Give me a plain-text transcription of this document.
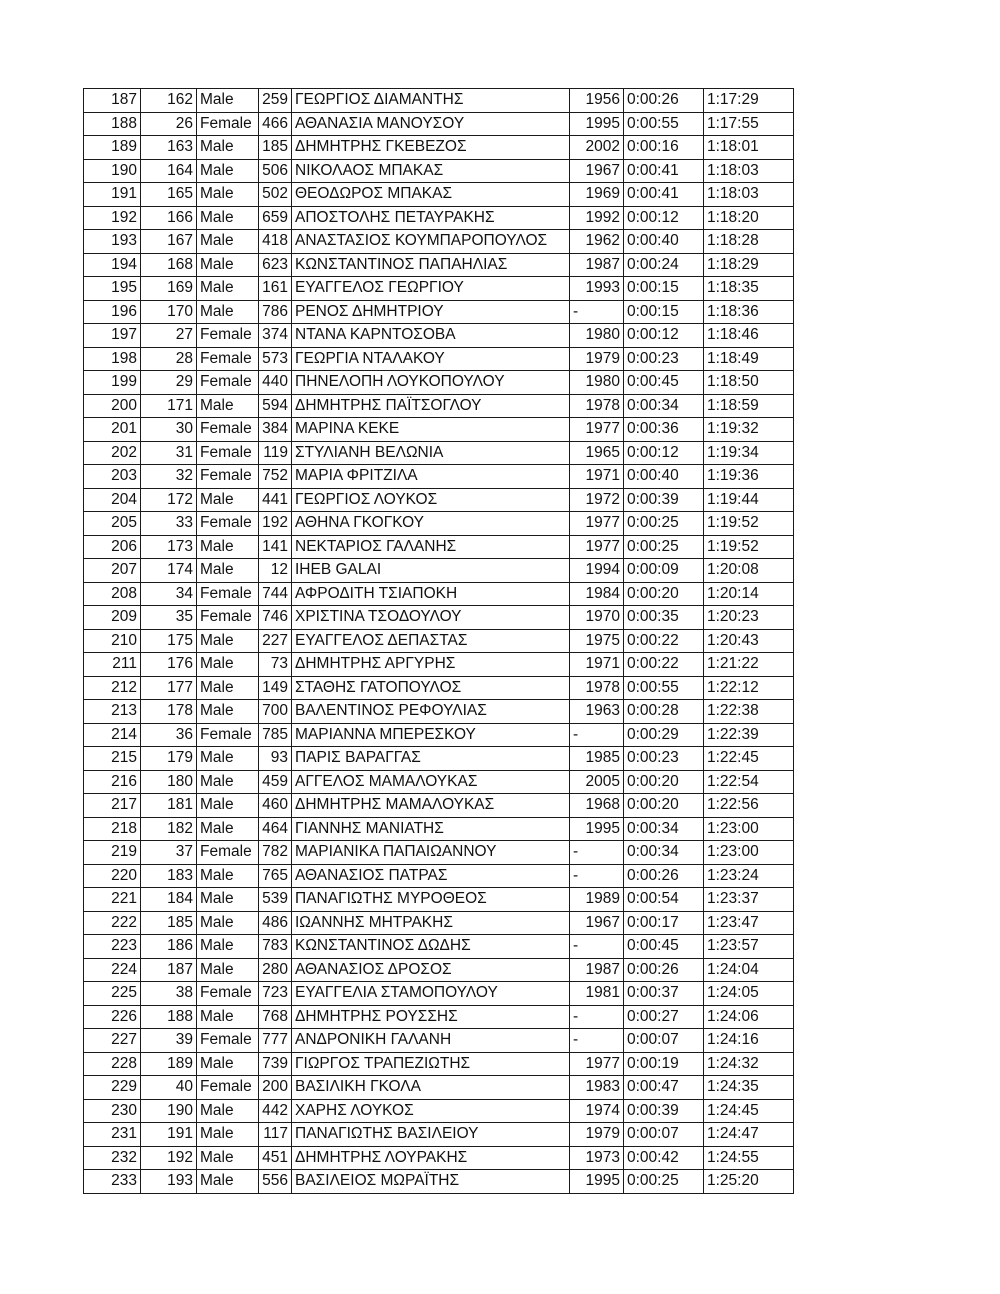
187	162	Male	259	ΓΕΩΡΓΙΟΣ ΔΙΑΜΑΝΤΗΣ	1956	0:00:26	1:17:29
188	26	Female	466	ΑΘΑΝΑΣΙΑ ΜΑΝΟΥΣΟΥ	1995	0:00:55	1:17:55
189	163	Male	185	ΔΗΜΗΤΡΗΣ ΓΚΕΒΕΖΟΣ	2002	0:00:16	1:18:01
190	164	Male	506	ΝΙΚΟΛΑΟΣ ΜΠΑΚΑΣ	1967	0:00:41	1:18:03
191	165	Male	502	ΘΕΟΔΩΡΟΣ ΜΠΑΚΑΣ	1969	0:00:41	1:18:03
192	166	Male	659	ΑΠΟΣΤΟΛΗΣ ΠΕΤΑΥΡΑΚΗΣ	1992	0:00:12	1:18:20
193	167	Male	418	ΑΝΑΣΤΑΣΙΟΣ ΚΟΥΜΠΑΡΟΠΟΥΛΟΣ	1962	0:00:40	1:18:28
194	168	Male	623	ΚΩΝΣΤΑΝΤΙΝΟΣ ΠΑΠΑΗΛΙΑΣ	1987	0:00:24	1:18:29
195	169	Male	161	ΕΥΑΓΓΕΛΟΣ ΓΕΩΡΓΙΟΥ	1993	0:00:15	1:18:35
196	170	Male	786	ΡΕΝΟΣ ΔΗΜΗΤΡΙΟΥ	-	0:00:15	1:18:36
197	27	Female	374	ΝΤΑΝΑ ΚΑΡΝΤΟΣΟΒΑ	1980	0:00:12	1:18:46
198	28	Female	573	ΓΕΩΡΓΙΑ ΝΤΑΛΑΚΟΥ	1979	0:00:23	1:18:49
199	29	Female	440	ΠΗΝΕΛΟΠΗ ΛΟΥΚΟΠΟΥΛΟΥ	1980	0:00:45	1:18:50
200	171	Male	594	ΔΗΜΗΤΡΗΣ ΠΑΪΤΣΟΓΛΟΥ	1978	0:00:34	1:18:59
201	30	Female	384	ΜΑΡΙΝΑ ΚΕΚΕ	1977	0:00:36	1:19:32
202	31	Female	119	ΣΤΥΛΙΑΝΗ ΒΕΛΩΝΙΑ	1965	0:00:12	1:19:34
203	32	Female	752	ΜΑΡΙΑ ΦΡΙΤΖΙΛΑ	1971	0:00:40	1:19:36
204	172	Male	441	ΓΕΩΡΓΙΟΣ ΛΟΥΚΟΣ	1972	0:00:39	1:19:44
205	33	Female	192	ΑΘΗΝΑ ΓΚΟΓΚΟΥ	1977	0:00:25	1:19:52
206	173	Male	141	ΝΕΚΤΑΡΙΟΣ ΓΑΛΑΝΗΣ	1977	0:00:25	1:19:52
207	174	Male	12	IHEB GALAI	1994	0:00:09	1:20:08
208	34	Female	744	ΑΦΡΟΔΙΤΗ ΤΣΙΑΠΟΚΗ	1984	0:00:20	1:20:14
209	35	Female	746	ΧΡΙΣΤΙΝΑ ΤΣΟΔΟΥΛΟΥ	1970	0:00:35	1:20:23
210	175	Male	227	ΕΥΑΓΓΕΛΟΣ ΔΕΠΑΣΤΑΣ	1975	0:00:22	1:20:43
211	176	Male	73	ΔΗΜΗΤΡΗΣ ΑΡΓΥΡΗΣ	1971	0:00:22	1:21:22
212	177	Male	149	ΣΤΑΘΗΣ ΓΑΤΟΠΟΥΛΟΣ	1978	0:00:55	1:22:12
213	178	Male	700	ΒΑΛΕΝΤΙΝΟΣ ΡΕΦΟΥΛΙΑΣ	1963	0:00:28	1:22:38
214	36	Female	785	ΜΑΡΙΑΝΝΑ ΜΠΕΡΕΣΚΟΥ	-	0:00:29	1:22:39
215	179	Male	93	ΠΑΡΙΣ ΒΑΡΑΓΓΑΣ	1985	0:00:23	1:22:45
216	180	Male	459	ΑΓΓΕΛΟΣ ΜΑΜΑΛΟΥΚΑΣ	2005	0:00:20	1:22:54
217	181	Male	460	ΔΗΜΗΤΡΗΣ ΜΑΜΑΛΟΥΚΑΣ	1968	0:00:20	1:22:56
218	182	Male	464	ΓΙΑΝΝΗΣ ΜΑΝΙΑΤΗΣ	1995	0:00:34	1:23:00
219	37	Female	782	ΜΑΡΙΑΝΙΚΑ ΠΑΠΑΙΩΑΝΝΟΥ	-	0:00:34	1:23:00
220	183	Male	765	ΑΘΑΝΑΣΙΟΣ ΠΑΤΡΑΣ	-	0:00:26	1:23:24
221	184	Male	539	ΠΑΝΑΓΙΩΤΗΣ ΜΥΡΟΘΕΟΣ	1989	0:00:54	1:23:37
222	185	Male	486	ΙΩΑΝΝΗΣ ΜΗΤΡΑΚΗΣ	1967	0:00:17	1:23:47
223	186	Male	783	ΚΩΝΣΤΑΝΤΙΝΟΣ ΔΩΔΗΣ	-	0:00:45	1:23:57
224	187	Male	280	ΑΘΑΝΑΣΙΟΣ ΔΡΟΣΟΣ	1987	0:00:26	1:24:04
225	38	Female	723	ΕΥΑΓΓΕΛΙΑ ΣΤΑΜΟΠΟΥΛΟΥ	1981	0:00:37	1:24:05
226	188	Male	768	ΔΗΜΗΤΡΗΣ ΡΟΥΣΣΗΣ	-	0:00:27	1:24:06
227	39	Female	777	ΑΝΔΡΟΝΙΚΗ ΓΑΛΑΝΗ	-	0:00:07	1:24:16
228	189	Male	739	ΓΙΩΡΓΟΣ ΤΡΑΠΕΖΙΩΤΗΣ	1977	0:00:19	1:24:32
229	40	Female	200	ΒΑΣΙΛΙΚΗ ΓΚΟΛΑ	1983	0:00:47	1:24:35
230	190	Male	442	ΧΑΡΗΣ ΛΟΥΚΟΣ	1974	0:00:39	1:24:45
231	191	Male	117	ΠΑΝΑΓΙΩΤΗΣ ΒΑΣΙΛΕΙΟΥ	1979	0:00:07	1:24:47
232	192	Male	451	ΔΗΜΗΤΡΗΣ ΛΟΥΡΑΚΗΣ	1973	0:00:42	1:24:55
233	193	Male	556	ΒΑΣΙΛΕΙΟΣ ΜΩΡΑΪΤΗΣ	1995	0:00:25	1:25:20
